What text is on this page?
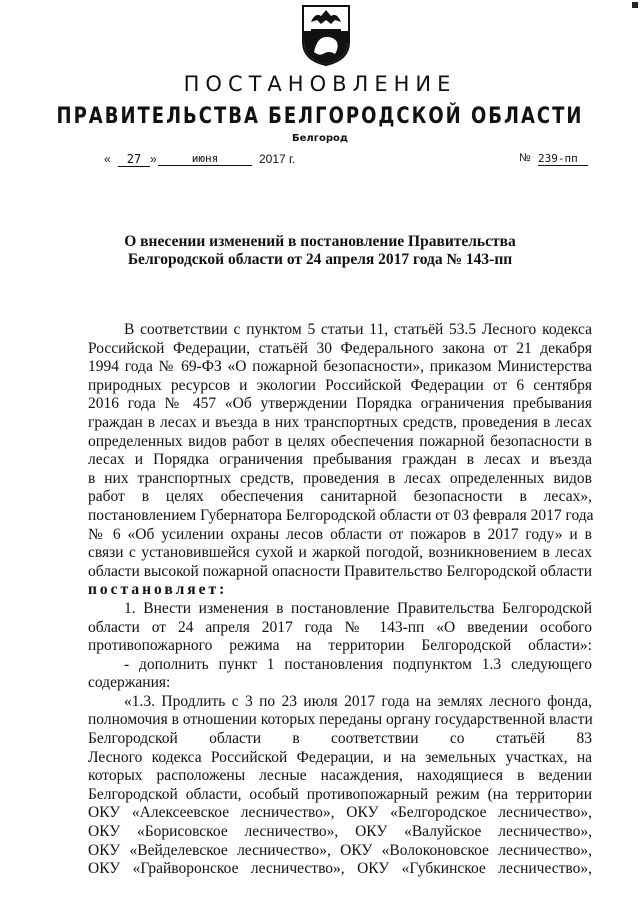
ПОСТАНОВЛЕНИЕ
ПРАВИТЕЛЬСТВА БЕЛГОРОДСКОЙ ОБЛАСТИ
Белгород
«	27 »	июня	2017 г.	№ 239-пп
О внесении изменений в постановление Правительства
Белгородской области от 24 апреля 2017 года № 143-пп
В соответствии с пунктом 5 статьи 11, статьёй 53.5 Лесного кодекса
Российской Федерации, статьёй 30 Федерального закона от 21 декабря
1994 года № 69-ФЗ «О пожарной безопасности», приказом Министерства
природных ресурсов и экологии Российской Федерации от 6 сентября
2016 года № 457 «Об утверждении Порядка ограничения пребывания
граждан в лесах и въезда в них транспортных средств, проведения в лесах
определенных видов работ в целях обеспечения пожарной безопасности в
лесах и Порядка ограничения пребывания граждан в лесах и въезда
в них транспортных средств, проведения в лесах определенных видов
работ в целях обеспечения санитарной безопасности в лесах»,
постановлением Губернатора Белгородской области от 03 февраля 2017 года
№ 6 «Об усилении охраны лесов области от пожаров в 2017 году» и в
связи с установившейся сухой и жаркой погодой, возникновением в лесах
области высокой пожарной опасности Правительство Белгородской области
постановляет:
1. Внести изменения в постановление Правительства Белгородской
области от 24 апреля 2017 года № 143-пп «О введении особого
противопожарного режима на территории Белгородской области»:
- дополнить пункт 1 постановления подпунктом 1.3 следующего
содержания:
«1.3. Продлить с 3 по 23 июля 2017 года на землях лесного фонда,
полномочия в отношении которых переданы органу государственной власти
Белгородской области в соответствии со статьёй 83
Лесного кодекса Российской Федерации, и на земельных участках, на
которых расположены лесные насаждения, находящиеся в ведении
Белгородской области, особый противопожарный режим (на территории
ОКУ «Алексеевское лесничество», ОКУ «Белгородское лесничество»,
ОКУ «Борисовское лесничество», ОКУ «Валуйское лесничество»,
ОКУ «Вейделевское лесничество», ОКУ «Волоконовское лесничество»,
ОКУ «Грайворонское лесничество», ОКУ «Губкинское лесничество»,
